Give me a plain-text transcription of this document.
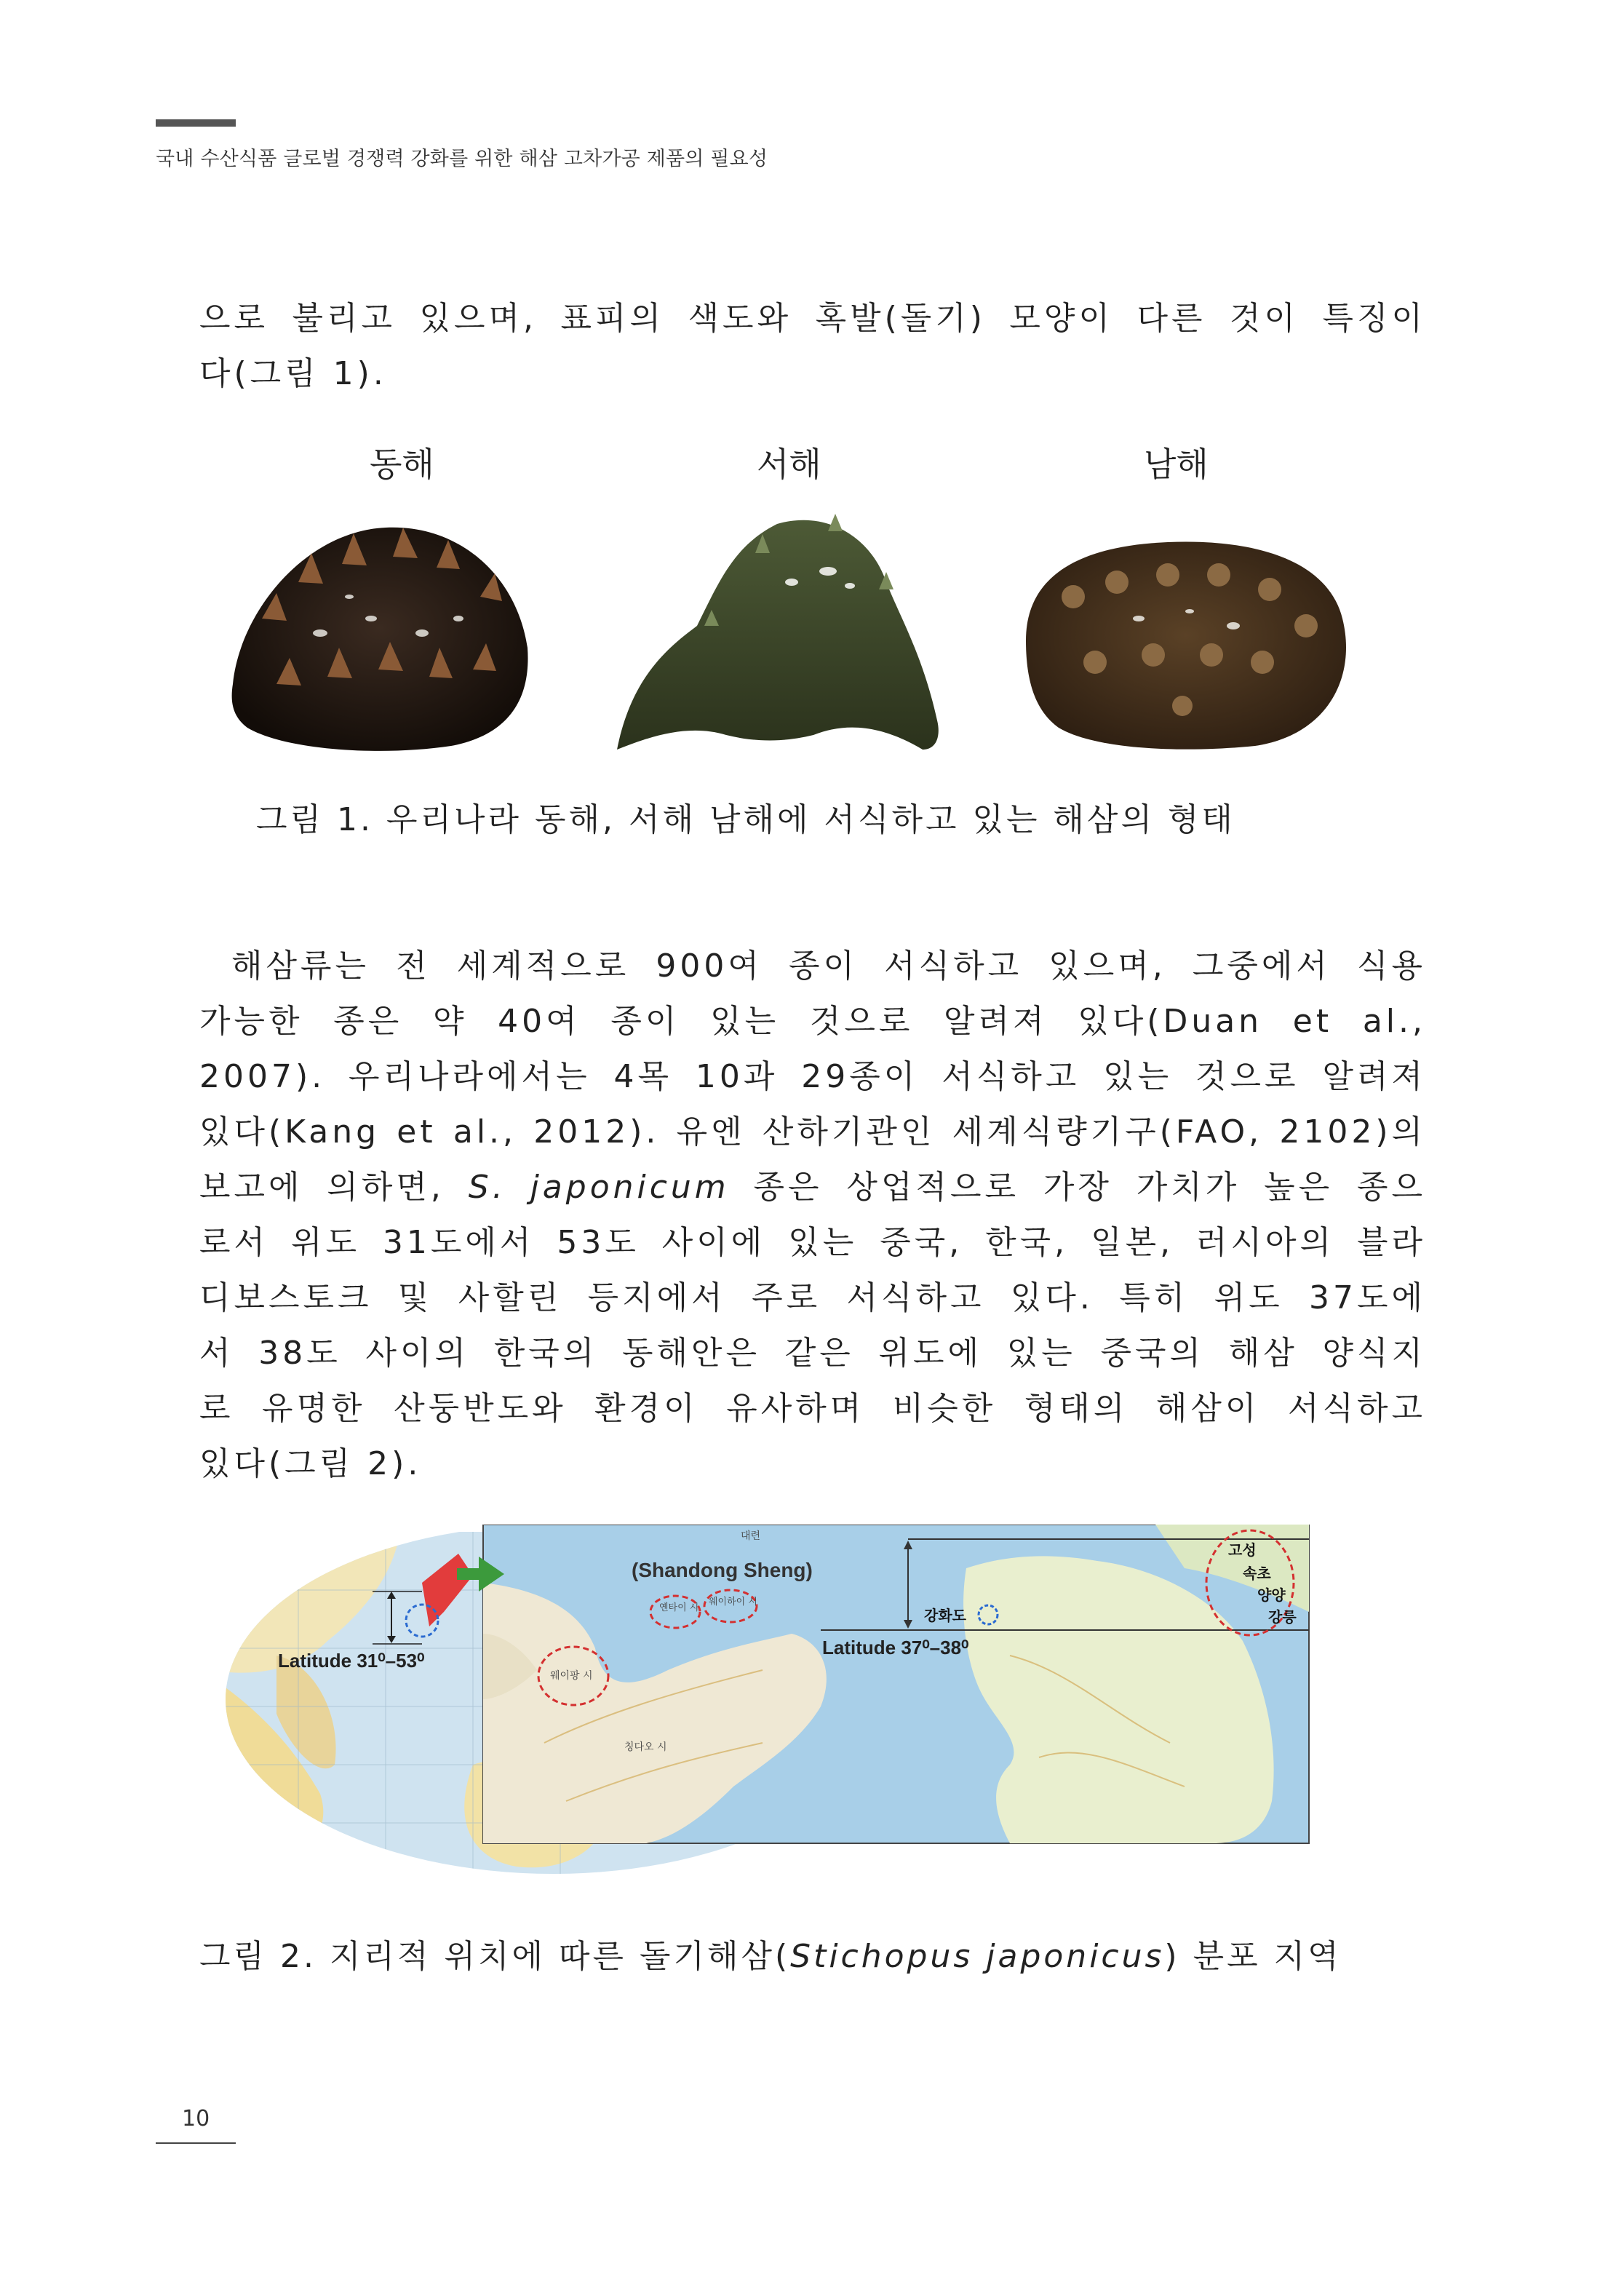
국내 수산식품 글로벌 경쟁력 강화를 위한 해삼 고차가공 제품의 필요성
으로 불리고 있으며, 표피의 색도와 혹발(돌기) 모양이 다른 것이 특징이
다(그림 1).
동해	서해	남해
그림 1. 우리나라 동해, 서해 남해에 서식하고 있는 해삼의 형태
해삼류는 전 세계적으로 900여 종이 서식하고 있으며, 그중에서 식용
가능한 종은 약 40여 종이 있는 것으로 알려져 있다(Duan et al.,
2007). 우리나라에서는 4목 10과 29종이 서식하고 있는 것으로 알려져
있다(Kang et al., 2012). 유엔 산하기관인 세계식량기구(FAO, 2102)의
보고에 의하면, S. japonicum 종은 상업적으로 가장 가치가 높은 종으
로서 위도 31도에서 53도 사이에 있는 중국, 한국, 일본, 러시아의 블라
디보스토크 및 사할린 등지에서 주로 서식하고 있다. 특히 위도 37도에
서 38도 사이의 한국의 동해안은 같은 위도에 있는 중국의 해삼 양식지
로 유명한 산둥반도와 환경이 유사하며 비슷한 형태의 해삼이 서식하고
있다(그림 2).
Latitude 31⁰–53⁰
Latitude 37⁰–38⁰
(Shandong Sheng)
웨이팡 시
옌타이 시
웨이하이 시
칭다오 시
대련
고성
속초
양양
강릉
강화도
그림 2. 지리적 위치에 따른 돌기해삼(Stichopus japonicus) 분포 지역
10
